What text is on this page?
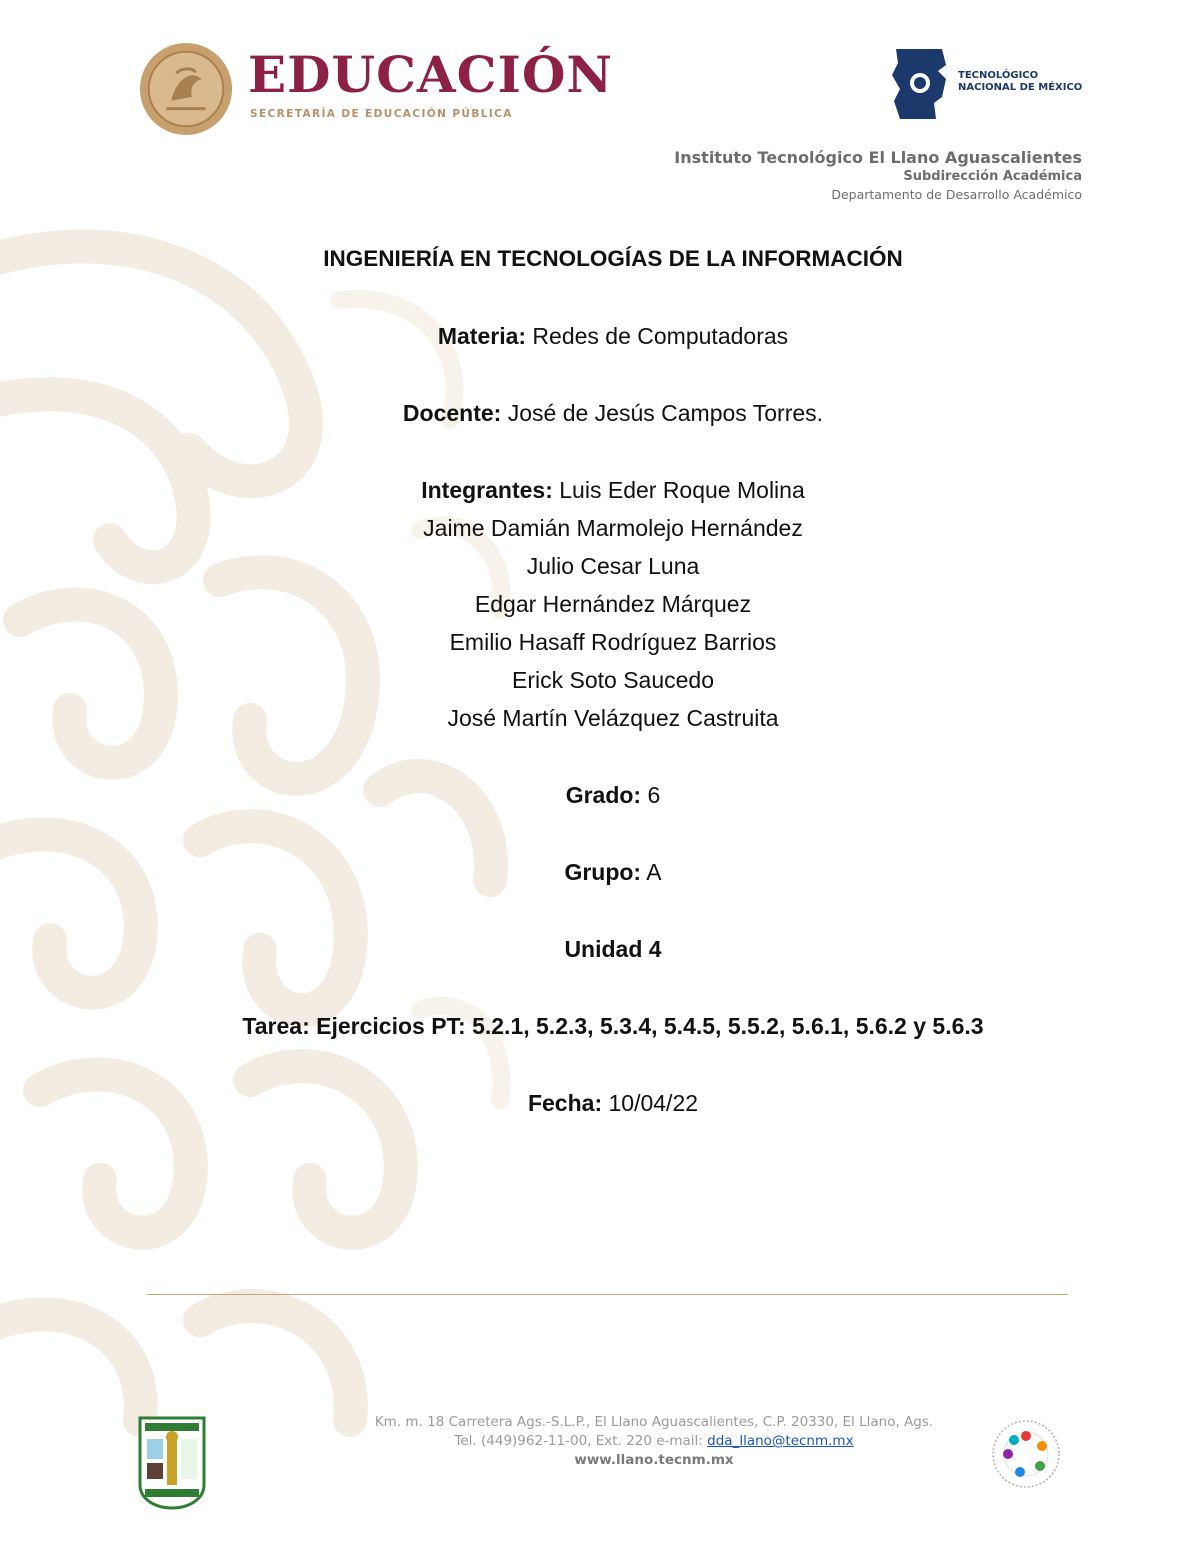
EDUCACIÓN
SECRETARÍA DE EDUCACIÓN PÚBLICA
TECNOLÓGICO
NACIONAL DE MÉXICO
Instituto Tecnológico El Llano Aguascalientes
Subdirección Académica
Departamento de Desarrollo Académico

INGENIERÍA EN TECNOLOGÍAS DE LA INFORMACIÓN

Materia: Redes de Computadoras

Docente: José de Jesús Campos Torres.

Integrantes: Luis Eder Roque Molina

Jaime Damián Marmolejo Hernández

Julio Cesar Luna

Edgar Hernández Márquez

Emilio Hasaff Rodríguez Barrios

Erick Soto Saucedo

José Martín Velázquez Castruita

Grado: 6

Grupo: A

Unidad 4

Tarea: Ejercicios PT: 5.2.1, 5.2.3, 5.3.4, 5.4.5, 5.5.2, 5.6.1, 5.6.2 y 5.6.3

Fecha: 10/04/22

Km. m. 18 Carretera Ags.-S.L.P., El Llano Aguascalientes, C.P. 20330, El Llano, Ags.
Tel. (449)962-11-00, Ext. 220 e-mail: dda_llano@tecnm.mx
www.llano.tecnm.mx
